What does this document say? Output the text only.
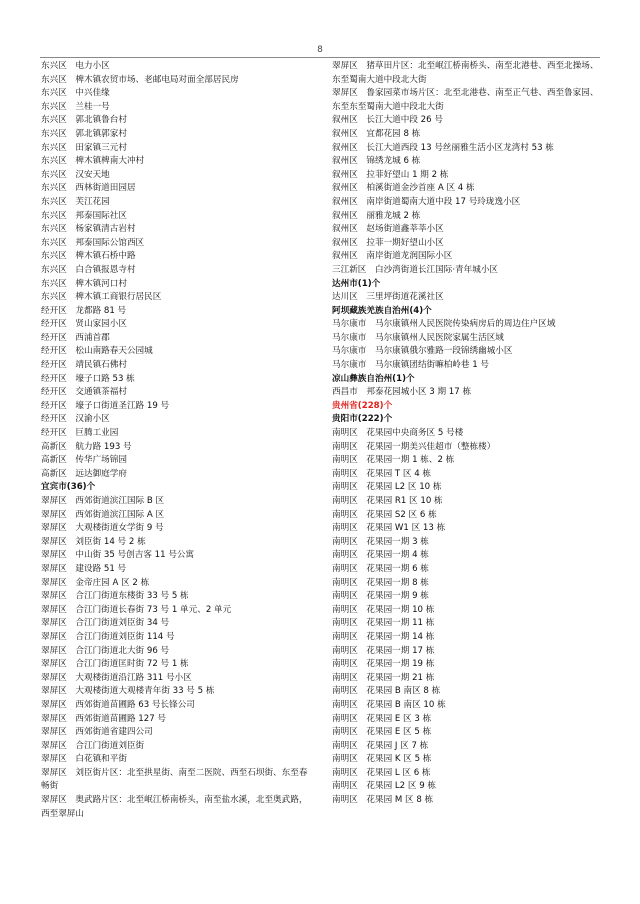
8
东兴区　电力小区
东兴区　椑木镇农贸市场、老邮电局对面全部居民房
东兴区　中兴佳缘
东兴区　兰桂一号
东兴区　郭北镇鲁台村
东兴区　郭北镇郭家村
东兴区　田家镇三元村
东兴区　椑木镇椑南大冲村
东兴区　汉安天地
东兴区　西林街道田园居
东兴区　芙江花园
东兴区　邦泰国际社区
东兴区　杨家镇清古岩村
东兴区　邦泰国际公馆西区
东兴区　椑木镇石桥中路
东兴区　白合镇报恩寺村
东兴区　椑木镇河口村
东兴区　椑木镇工商银行居民区
经开区　龙都路 81 号
经开区　贤山家园小区
经开区　西浦首郡
经开区　松山南路春天公园城
经开区　靖民镇石佛村
经开区　壕子口路 53 栋
经开区　交通镇茶福村
经开区　壕子口街道圣江路 19 号
经开区　汉渝小区
经开区　巨腾工业园
高新区　航力路 193 号
高新区　传华广场锦园
高新区　远达御庭学府
宜宾市(36)个
翠屏区　西郊街道滨江国际 B 区
翠屏区　西郊街道滨江国际 A 区
翠屏区　大观楼街道女学街 9 号
翠屏区　刘臣街 14 号 2 栋
翠屏区　中山街 35 号创吉客 11 号公寓
翠屏区　建设路 51 号
翠屏区　金帝庄园 A 区 2 栋
翠屏区　合江门街道东楼街 33 号 5 栋
翠屏区　合江门街道长春街 73 号 1 单元、2 单元
翠屏区　合江门街道刘臣街 34 号
翠屏区　合江门街道刘臣街 114 号
翠屏区　合江门街道北大街 96 号
翠屏区　合江门街道匡时街 72 号 1 栋
翠屏区　大观楼街道沿江路 311 号小区
翠屏区　大观楼街道大观楼青年街 33 号 5 栋
翠屏区　西郊街道苗圃路 63 号长锋公司
翠屏区　西郊街道苗圃路 127 号
翠屏区　西郊街道省建四公司
翠屏区　合江门街道刘臣街
翠屏区　白花镇和平街
翠屏区　刘臣街片区：北至拱星街、南至二医院、西至石坝街、东至春畅街
翠屏区　奥武路片区：北至岷江桥南桥头，南至盐水溪，北至奥武路，西至翠屏山
翠屏区　猪草田片区：北至岷江桥南桥头、南至北港巷、西至北操场、东至蜀南大道中段北大街
翠屏区　鲁家园菜市场片区：北至北港巷、南至正气巷、西至鲁家园、东至东至蜀南大道中段北大街
叙州区　长江大道中段 26 号
叙州区　宜都花园 8 栋
叙州区　长江大道西段 13 号丝丽雅生活小区龙湾村 53 栋
叙州区　锦绣龙城 6 栋
叙州区　拉菲好望山 1 期 2 栋
叙州区　柏溪街道金沙首座 A 区 4 栋
叙州区　南岸街道蜀南大道中段 17 号玲珑逸小区
叙州区　丽雅龙城 2 栋
叙州区　赵场街道鑫莘莘小区
叙州区　拉菲一期好望山小区
叙州区　南岸街道龙润国际小区
三江新区　白沙湾街道长江国际·青年城小区
达州市(1)个
达川区　三里坪街道花溪社区
阿坝藏族羌族自治州(4)个
马尔康市　马尔康镇州人民医院传染病房后的周边住户区域
马尔康市　马尔康镇州人民医院家属生活区域
马尔康市　马尔康镇俄尔雅路一段锦绣幽城小区
马尔康市　马尔康镇团结街嘛柏岭巷 1 号
凉山彝族自治州(1)个
西昌市　邦泰花园城小区 3 期 17 栋
贵州省(228)个
贵阳市(222)个
南明区　花果园中央商务区 5 号楼
南明区　花果园一期美兴佳超市（整栋楼）
南明区　花果园一期 1 栋、2 栋
南明区　花果园 T 区 4 栋
南明区　花果园 L2 区 10 栋
南明区　花果园 R1 区 10 栋
南明区　花果园 S2 区 6 栋
南明区　花果园 W1 区 13 栋
南明区　花果园一期 3 栋
南明区　花果园一期 4 栋
南明区　花果园一期 6 栋
南明区　花果园一期 8 栋
南明区　花果园一期 9 栋
南明区　花果园一期 10 栋
南明区　花果园一期 11 栋
南明区　花果园一期 14 栋
南明区　花果园一期 17 栋
南明区　花果园一期 19 栋
南明区　花果园一期 21 栋
南明区　花果园 B 南区 8 栋
南明区　花果园 B 南区 10 栋
南明区　花果园 E 区 3 栋
南明区　花果园 E 区 5 栋
南明区　花果园 J 区 7 栋
南明区　花果园 K 区 5 栋
南明区　花果园 L 区 6 栋
南明区　花果园 L2 区 9 栋
南明区　花果园 M 区 8 栋
